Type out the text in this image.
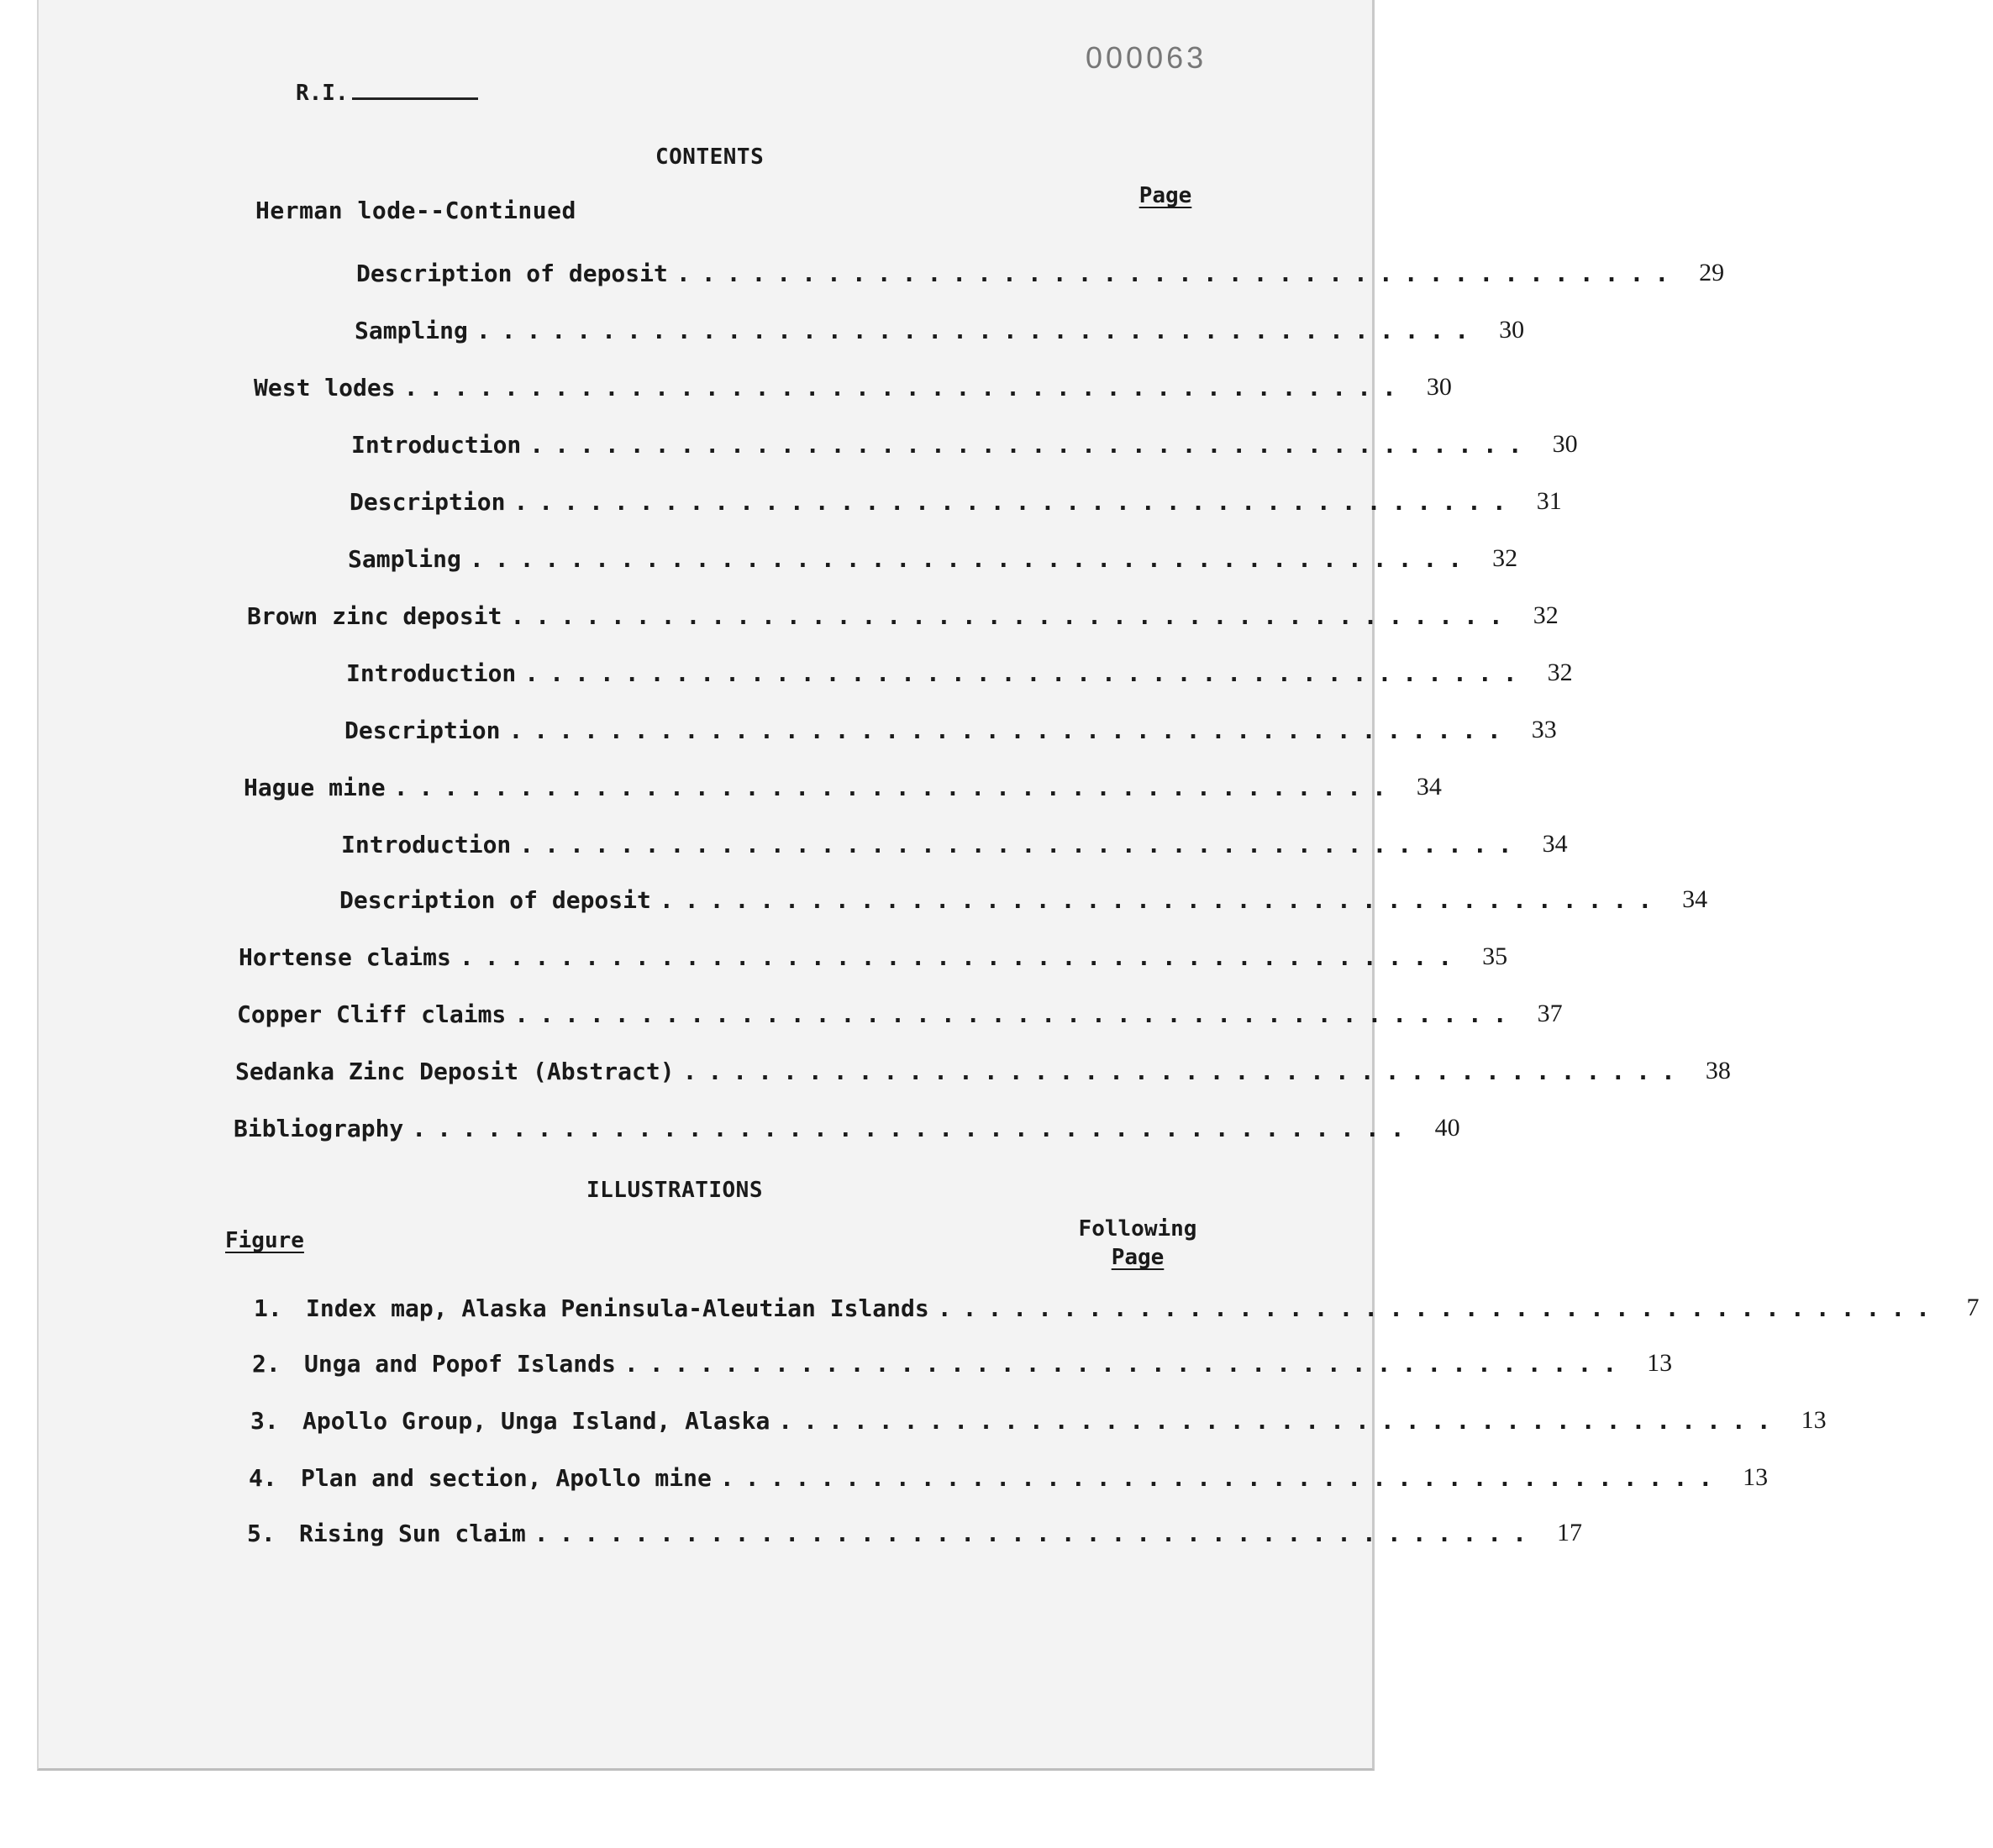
000063
R.I.
CONTENTS
Page
Herman lode--Continued
Description of deposit ........................................ 29
Sampling ........................................ 30
West lodes ........................................ 30
Introduction ........................................ 30
Description ........................................ 31
Sampling ........................................ 32
Brown zinc deposit ........................................ 32
Introduction ........................................ 32
Description ........................................ 33
Hague mine ........................................ 34
Introduction ........................................ 34
Description of deposit ........................................ 34
Hortense claims ........................................ 35
Copper Cliff claims ........................................ 37
Sedanka Zinc Deposit (Abstract) ........................................ 38
Bibliography ........................................ 40
ILLUSTRATIONS
Figure	Following
Page
1. Index map, Alaska Peninsula-Aleutian Islands ........................................	7
2. Unga and Popof Islands ........................................ 13
3. Apollo Group, Unga Island, Alaska ........................................ 13
4. Plan and section, Apollo mine ........................................ 13
5. Rising Sun claim ........................................ 17
